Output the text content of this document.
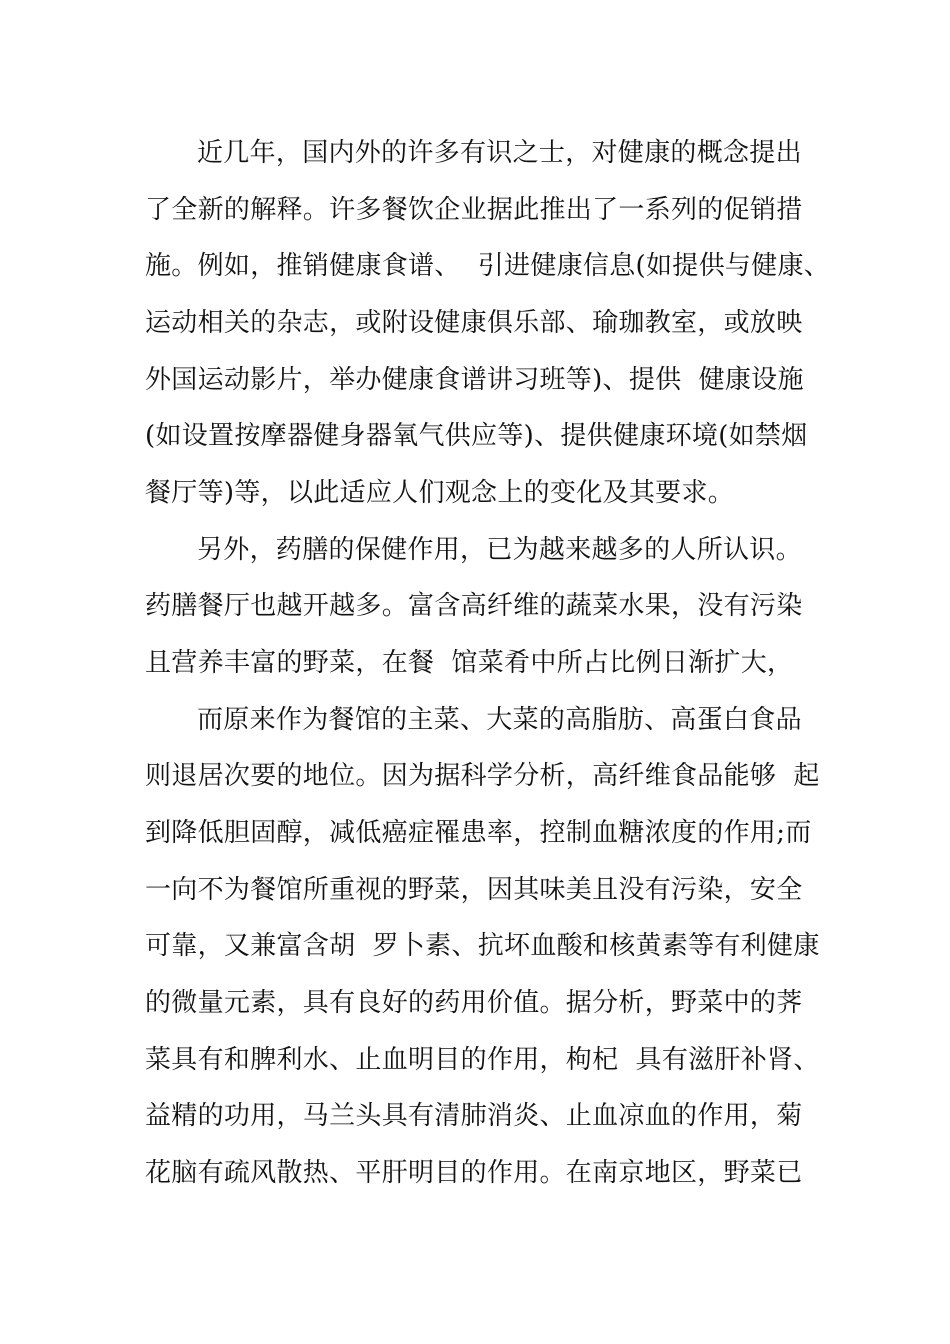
近几年，国内外的许多有识之士，对健康的概念提出
了全新的解释。许多餐饮企业据此推出了一系列的促销措
施。例如，推销健康食谱、  引进健康信息(如提供与健康、
运动相关的杂志，或附设健康俱乐部、瑜珈教室，或放映
外国运动影片，举办健康食谱讲习班等)、提供  健康设施
(如设置按摩器健身器氧气供应等)、提供健康环境(如禁烟
餐厅等)等，以此适应人们观念上的变化及其要求。
另外，药膳的保健作用，已为越来越多的人所认识。
药膳餐厅也越开越多。富含高纤维的蔬菜水果，没有污染
且营养丰富的野菜，在餐  馆菜肴中所占比例日渐扩大，
而原来作为餐馆的主菜、大菜的高脂肪、高蛋白食品
则退居次要的地位。因为据科学分析，高纤维食品能够  起
到降低胆固醇，减低癌症罹患率，控制血糖浓度的作用;而
一向不为餐馆所重视的野菜，因其味美且没有污染，安全
可靠，又兼富含胡  罗卜素、抗坏血酸和核黄素等有利健康
的微量元素，具有良好的药用价值。据分析，野菜中的荠
菜具有和脾利水、止血明目的作用，枸杞  具有滋肝补肾、
益精的功用，马兰头具有清肺消炎、止血凉血的作用，菊
花脑有疏风散热、平肝明目的作用。在南京地区，野菜已
